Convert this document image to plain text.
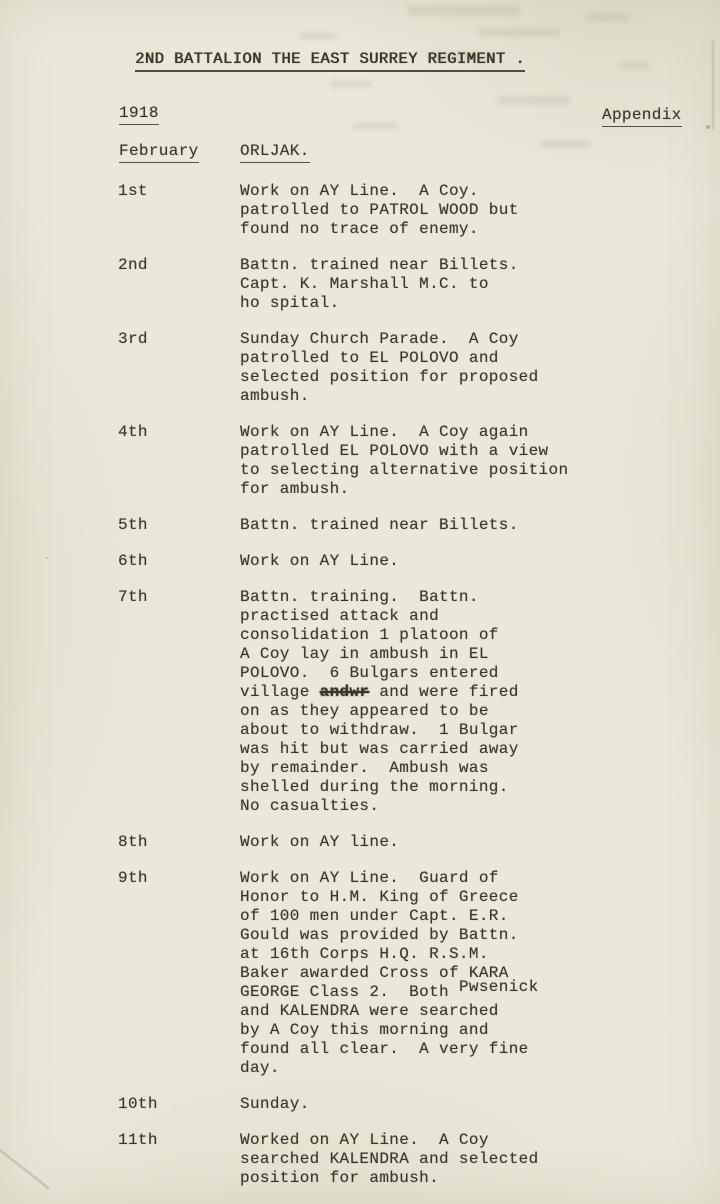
2ND BATTALION THE EAST SURREY REGIMENT .
1918	Appendix
February	ORLJAK.
1st	Work on AY Line.  A Coy.
patrolled to PATROL WOOD but
found no trace of enemy.
2nd	Battn. trained near Billets.
Capt. K. Marshall M.C. to
ho spital.
3rd	Sunday Church Parade.  A Coy
patrolled to EL POLOVO and
selected position for proposed
ambush.
4th	Work on AY Line.  A Coy again
patrolled EL POLOVO with a view
to selecting alternative position
for ambush.
5th	Battn. trained near Billets.
6th	Work on AY Line.
7th	Battn. training.  Battn.
practised attack and
consolidation 1 platoon of
A Coy lay in ambush in EL
POLOVO.  6 Bulgars entered
village andwr and were fired
on as they appeared to be
about to withdraw.  1 Bulgar
was hit but was carried away
by remainder.  Ambush was
shelled during the morning.
No casualties.
8th	Work on AY line.
9th	Work on AY Line.  Guard of
Honor to H.M. King of Greece
of 100 men under Capt. E.R.
Gould was provided by Battn.
at 16th Corps H.Q. R.S.M.
Baker awarded Cross of KARA
GEORGE Class 2.  Both Pwsenick
and KALENDRA were searched
by A Coy this morning and
found all clear.  A very fine
day.
10th	Sunday.
11th	Worked on AY Line.  A Coy
searched KALENDRA and selected
position for ambush.
